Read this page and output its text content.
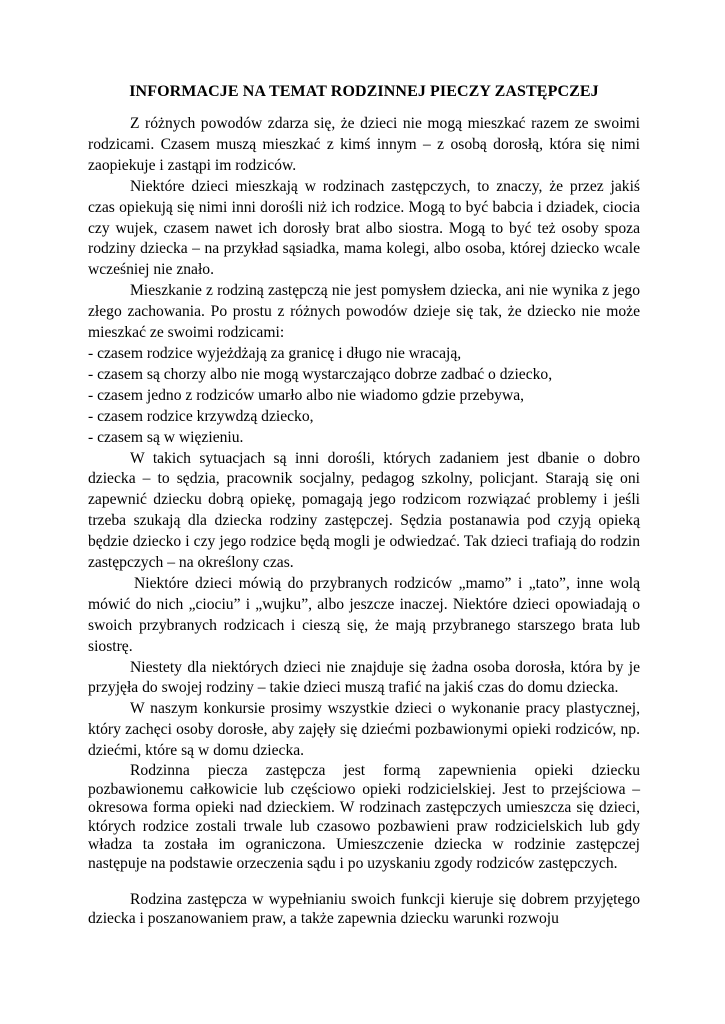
INFORMACJE NA TEMAT RODZINNEJ PIECZY ZASTĘPCZEJ

Z różnych powodów zdarza się, że dzieci nie mogą mieszkać razem ze swoimi rodzicami. Czasem muszą mieszkać z kimś innym – z osobą dorosłą, która się nimi zaopiekuje i zastąpi im rodziców.

Niektóre dzieci mieszkają w rodzinach zastępczych, to znaczy, że przez jakiś czas opiekują się nimi inni dorośli niż ich rodzice. Mogą to być babcia i dziadek, ciocia czy wujek, czasem nawet ich dorosły brat albo siostra. Mogą to być też osoby spoza rodziny dziecka – na przykład sąsiadka, mama kolegi, albo osoba, której dziecko wcale wcześniej nie znało.

Mieszkanie z rodziną zastępczą nie jest pomysłem dziecka, ani nie wynika z jego złego zachowania. Po prostu z różnych powodów dzieje się tak, że dziecko nie może mieszkać ze swoimi rodzicami:

- czasem rodzice wyjeżdżają za granicę i długo nie wracają,
- czasem są chorzy albo nie mogą wystarczająco dobrze zadbać o dziecko,
- czasem jedno z rodziców umarło albo nie wiadomo gdzie przebywa,
- czasem rodzice krzywdzą dziecko,
- czasem są w więzieniu.

W takich sytuacjach są inni dorośli, których zadaniem jest dbanie o dobro dziecka – to sędzia, pracownik socjalny, pedagog szkolny, policjant. Starają się oni zapewnić dziecku dobrą opiekę, pomagają jego rodzicom rozwiązać problemy i jeśli trzeba szukają dla dziecka rodziny zastępczej. Sędzia postanawia pod czyją opieką będzie dziecko i czy jego rodzice będą mogli je odwiedzać. Tak dzieci trafiają do rodzin zastępczych – na określony czas.

Niektóre dzieci mówią do przybranych rodziców „mamo” i „tato”, inne wolą mówić do nich „ciociu” i „wujku”, albo jeszcze inaczej. Niektóre dzieci opowiadają o swoich przybranych rodzicach i cieszą się, że mają przybranego starszego brata lub siostrę.

Niestety dla niektórych dzieci nie znajduje się żadna osoba dorosła, która by je przyjęła do swojej rodziny – takie dzieci muszą trafić na jakiś czas do domu dziecka.

W naszym konkursie prosimy wszystkie dzieci o wykonanie pracy plastycznej, który zachęci osoby dorosłe, aby zajęły się dziećmi pozbawionymi opieki rodziców, np. dziećmi, które są w domu dziecka.

Rodzinna piecza zastępcza jest formą zapewnienia opieki dziecku pozbawionemu całkowicie lub częściowo opieki rodzicielskiej. Jest to przejściowa – okresowa forma opieki nad dzieckiem. W rodzinach zastępczych umieszcza się dzieci, których rodzice zostali trwale lub czasowo pozbawieni praw rodzicielskich lub gdy władza ta została im ograniczona. Umieszczenie dziecka w rodzinie zastępczej następuje na podstawie orzeczenia sądu i po uzyskaniu zgody rodziców zastępczych.

Rodzina zastępcza w wypełnianiu swoich funkcji kieruje się dobrem przyjętego dziecka i poszanowaniem praw, a także zapewnia dziecku warunki rozwoju
